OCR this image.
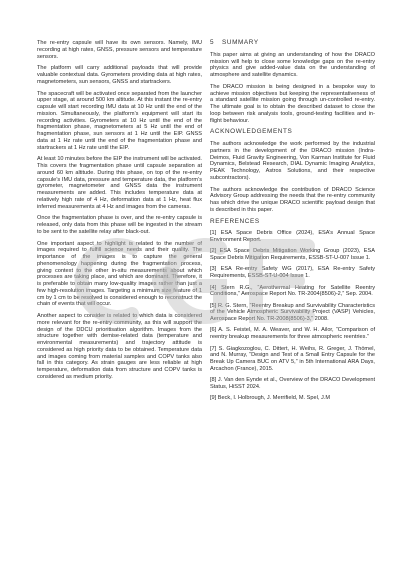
The re-entry capsule will have its own sensors. Namely, IMU recording at high rates, GNSS, pressure sensors and temperature sensors.

The platform will carry additional payloads that will provide valuable contextual data. Gyrometers providing data at high rates, magnetometers, sun sensors, GNSS and startrackers.

The spacecraft will be activated once separated from the launcher upper stage, at around 500 km altitude. At this instant the re-entry capsule will start recording IMU data at 10 Hz until the end of the mission. Simultaneously, the platform’s equipment will start its recording activities. Gyrometers at 10 Hz until the end of the fragmentation phase, magnetometers at 5 Hz until the end of fragmentation phase, sun sensors at 1 Hz until the EIP. GNSS data at 1 Hz rate until the end of the fragmentation phase and startrackers at 1 Hz rate until the EIP.

At least 10 minutes before the EIP the instrument will be activated. This covers the fragmentation phase until capsule separation at around 60 km altitude. During this phase, on top of the re-entry capsule’s IMU data, pressure and temperature data, the platform’s gyrometer, magnetometer and GNSS data the instrument measurements are added. This includes temperature data at relatively high rate of 4 Hz, deformation data at 1 Hz, heat flux inferred measurements at 4 Hz and images from the cameras.

Once the fragmentation phase is over, and the re-entry capsule is released, only data from this phase will be ingested in the stream to be sent to the satellite relay after black-out.

One important aspect to highlight is related to the number of images required to fulfill science needs and their quality. The importance of the images is to capture the general phenomenology happening during the fragmentation process, giving context to the other in-situ measurements about which processes are taking place, and which are dominant. Therefore, it is preferable to obtain many low-quality images rather than just a few high-resolution images. Targeting a minimum size feature of 1 cm by 1 cm to be resolved is considered enough to reconstruct the chain of events that will occur.

Another aspect to consider is related to which data is considered more relevant for the re-entry community, as this will support the design of the DDCU prioritisation algorithm. Images from the structure together with demise-related data (temperature and environmental measurements) and trajectory attitude is considered as high priority data to be obtained. Temperature data and images coming from material samples and COPV tanks also fall in this category. As strain gauges are less reliable at high temperature, deformation data from structure and COPV tanks is considered as medium priority.

5 SUMMARY

This paper aims at giving an understanding of how the DRACO mission will help to close some knowledge gaps on the re-entry physics and give added-value data on the understanding of atmosphere and satellite dynamics.

The DRACO mission is being designed in a bespoke way to achieve mission objectives but keeping the representativeness of a standard satellite mission going through un-controlled re-entry. The ultimate goal is to obtain the described dataset to close the loop between risk analysis tools, ground-testing facilities and in-flight behaviour.

ACKNOWLEDGEMENTS

The authors acknowledge the work performed by the industrial partners in the development of the DRACO mission (Indra-Deimos, Fluid Gravity Engineering, Von Karman Institute for Fluid Dynamics, Belstead Research, DIAL Dynamic Imaging Analytics, PEAK Technology, Astros Solutions, and their respective subcontractors).

The authors acknowledge the contribution of DRACO Science Advisory Group addressing the needs that the re-entry community has which drive the unique DRACO scientific payload design that is described in this paper.

REFERENCES

[1] ESA Space Debris Office (2024), ESA’s Annual Space Environment Report.

[2] ESA Space Debris Mitigation Working Group (2023), ESA Space Debris Mitigation Requirements, ESSB-ST-U-007 Issue 1.

[3] ESA Re-entry Safety WG (2017), ESA Re-entry Safety Requirements, ESSB-ST-U-004 Issue 1.

[4] Stern R.G., “Aerothermal Heating for Satellite Reentry Conditions,” Aerospace Report No. TR-2004(8506)-2,” Sep. 2004.

[5] R. G. Stern, “Reentry Breakup and Survivability Characteristics of the Vehicle Atmospheric Survivability Project (VASP) Vehicles, Aerospace Report No. TR-2008(8506)-3,” 2008.

[6] A. S. Feistel, M. A. Weaver, and W. H. Ailor, “Comparison of reentry breakup measurements for three atmospheric reentries.”

[7] S. Giagkozoglou, C. Dittert, H. Weihs, R. Greger, J. Thömel, and N. Murray, “Design and Test of a Small Entry Capsule for the Break Up Camera BUC on ATV 5,” in 5th International ARA Days, Arcachon (France), 2015.

[8] J. Van den Eynde et al., Overview of the DRACO Development Status, HiSST 2024.

[9] Beck, I. Holbrough, J. Merrifield, M. Spel, J.M
